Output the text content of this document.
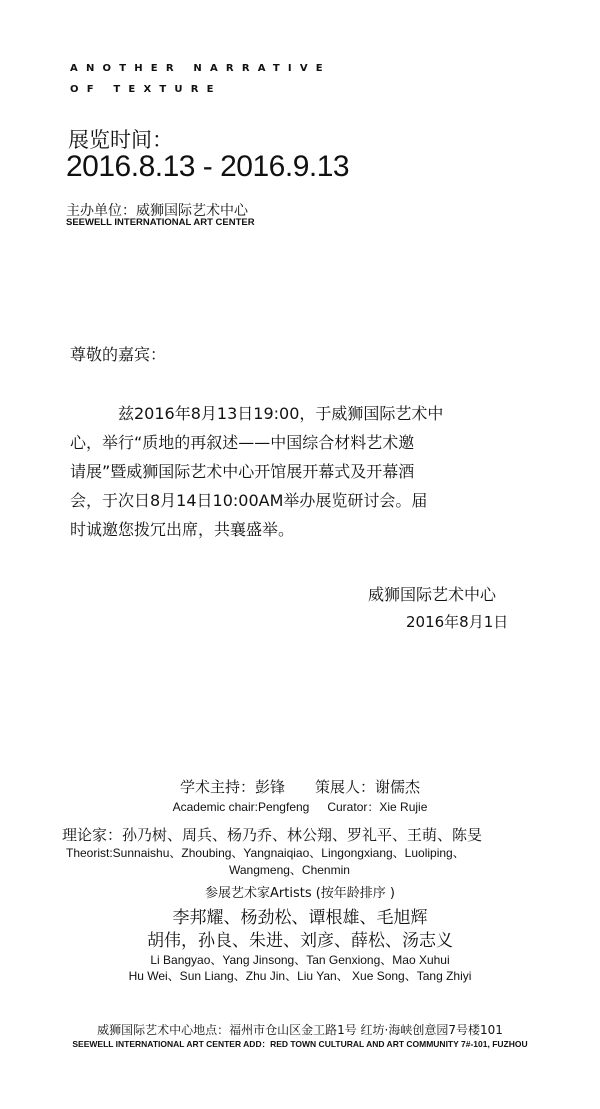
ANOTHER NARRATIVE
OF TEXTURE
展览时间：
2016.8.13 - 2016.9.13
主办单位：威狮国际艺术中心
SEEWELL INTERNATIONAL ART CENTER
尊敬的嘉宾：
兹2016年8月13日19:00，于威狮国际艺术中
心，举行“质地的再叙述——中国综合材料艺术邀
请展”暨威狮国际艺术中心开馆展开幕式及开幕酒
会，于次日8月14日10:00AM举办展览研讨会。届
时诚邀您拨冗出席，共襄盛举。
威狮国际艺术中心
2016年8月1日
学术主持：彭锋 策展人：谢儒杰
Academic chair:Pengfeng Curator：Xie Rujie
理论家：孙乃树、周兵、杨乃乔、林公翔、罗礼平、王萌、陈旻
Theorist:Sunnaishu、Zhoubing、Yangnaiqiao、Lingongxiang、Luoliping、
Wangmeng、Chenmin
参展艺术家Artists (按年龄排序 )
李邦耀、杨劲松、谭根雄、毛旭辉
胡伟，孙良、朱进、刘彦、薛松、汤志义
Li Bangyao、Yang Jinsong、Tan Genxiong、Mao Xuhui
Hu Wei、Sun Liang、Zhu Jin、Liu Yan、 Xue Song、Tang Zhiyi
威狮国际艺术中心地点：福州市仓山区金工路1号 红坊·海峡创意园7号楼101
SEEWELL INTERNATIONAL ART CENTER ADD：RED TOWN CULTURAL AND ART COMMUNITY 7#-101, FUZHOU
